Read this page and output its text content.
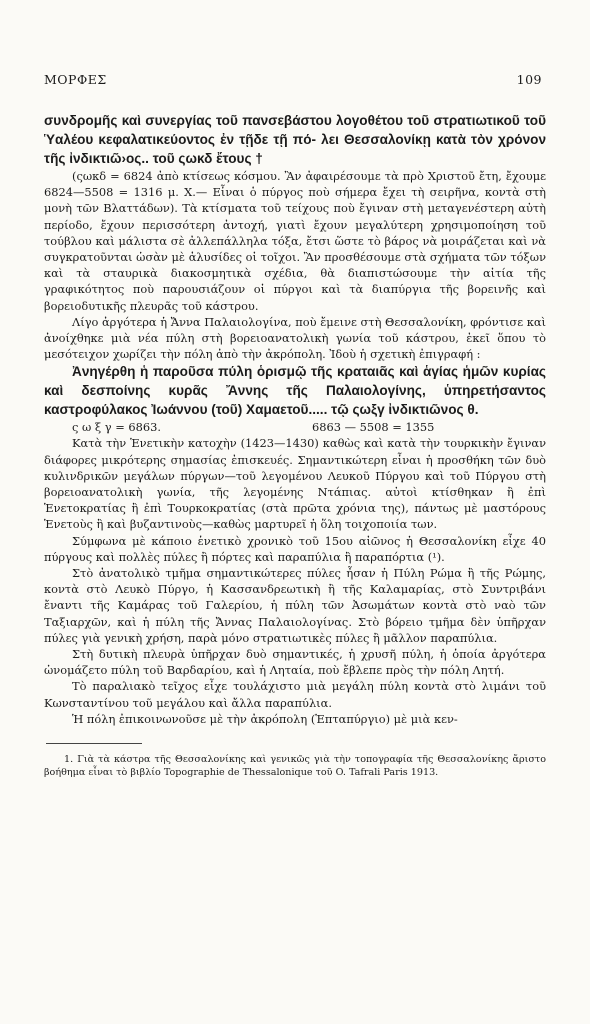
ΜΟΡΦΕΣ	109

συνδρομῆς καὶ συνεργίας τοῦ πανσεβάστου λογοθέτου τοῦ στρατιωτικοῦ τοῦ Ὑαλέου κεφαλατικεύοντος ἐν τῇδε τῇ πό- λει Θεσσαλονίκῃ κατὰ τὸν χρόνον τῆς ἰνδικτιῶ›ος.. τοῦ ςωκδ ἔτους †

(ςωκδ = 6824 ἀπὸ κτίσεως κόσμου. Ἂν ἀφαιρέσουμε τὰ πρὸ Χριστοῦ ἔτη, ἔχουμε 6824—5508 = 1316 μ. Χ.— Εἶναι ὁ πύργος ποὺ σήμερα ἔχει τὴ σειρῆνα, κοντὰ στὴ μονὴ τῶν Βλαττάδων). Τὰ κτίσματα τοῦ τείχους ποὺ ἔγιναν στὴ μεταγενέστερη αὐτὴ περίοδο, ἔχουν περισσότερη ἀντοχή, γιατὶ ἔχουν μεγαλύτερη χρησιμοποίηση τοῦ τούβλου καὶ μάλιστα σὲ ἀλλεπάλληλα τόξα, ἔτσι ὥστε τὸ βάρος νὰ μοιράζεται καὶ νὰ συγκρατοῦνται ὡσὰν μὲ ἁλυσίδες οἱ τοῖχοι. Ἂν προσθέσουμε στὰ σχήματα τῶν τόξων καὶ τὰ σταυρικὰ διακοσμητικὰ σχέδια, θὰ διαπιστώσουμε τὴν αἰτία τῆς γραφικότητος ποὺ παρουσιάζουν οἱ πύργοι καὶ τὰ διαπύργια τῆς βορεινῆς καὶ βορειοδυτικῆς πλευρᾶς τοῦ κάστρου.

Λίγο ἀργότερα ἡ Ἄννα Παλαιολογίνα, ποὺ ἔμεινε στὴ Θεσσαλονίκη, φρόντισε καὶ ἀνοίχθηκε μιὰ νέα πύλη στὴ βορειοανατολικὴ γωνία τοῦ κάστρου, ἐκεῖ ὅπου τὸ μεσότειχον χωρίζει τὴν πόλη ἀπὸ τὴν ἀκρόπολη. Ἰδοὺ ἡ σχετικὴ ἐπιγραφή :

Ἀνηγέρθη ἡ παροῦσα πύλη ὁρισμῷ τῆς κραταιᾶς καὶ ἁγίας ἡμῶν κυρίας καὶ δεσποίνης κυρᾶς Ἄννης τῆς Παλαιολογίνης, ὑπηρετήσαντος καστροφύλακος Ἰωάννου (τοῦ) Χαμαετοῦ..... τῷ ςωξγ ἰνδικτιῶνος θ.

ς ω ξ γ = 6863.	6863 — 5508 = 1355

Κατὰ τὴν Ἑνετικὴν κατοχὴν (1423—1430) καθὼς καὶ κατὰ τὴν τουρκικὴν ἔγιναν διάφορες μικρότερης σημασίας ἐπισκευές. Σημαντικώτερη εἶναι ἡ προσθήκη τῶν δυὸ κυλινδρικῶν μεγάλων πύργων—τοῦ λεγομένου Λευκοῦ Πύργου καὶ τοῦ Πύργου στὴ βορειοανατολικὴ γωνία, τῆς λεγομένης Ντάπιας. αὐτοὶ κτίσθηκαν ἢ ἐπὶ Ἑνετοκρατίας ἢ ἐπὶ Τουρκοκρατίας (στὰ πρῶτα χρόνια της), πάντως μὲ μαστόρους Ἑνετοὺς ἢ καὶ βυζαντινοὺς—καθὼς μαρτυρεῖ ἡ ὅλη τοιχοποιία των.

Σύμφωνα μὲ κάποιο ἑνετικὸ χρονικὸ τοῦ 15ου αἰῶνος ἡ Θεσσαλονίκη εἶχε 40 πύργους καὶ πολλὲς πύλες ἢ πόρτες καὶ παραπύλια ἢ παραπόρτια (¹).

Στὸ ἀνατολικὸ τμῆμα σημαντικώτερες πύλες ἦσαν ἡ Πύλη Ρώμα ἢ τῆς Ρώμης, κοντὰ στὸ Λευκὸ Πύργο, ἡ Κασσανδρεωτικὴ ἢ τῆς Καλαμαρίας, στὸ Συντριβάνι ἔναντι τῆς Καμάρας τοῦ Γαλερίου, ἡ πύλη τῶν Ἀσωμάτων κοντὰ στὸ ναὸ τῶν Ταξιαρχῶν, καὶ ἡ πύλη τῆς Ἄννας Παλαιολογίνας. Στὸ βόρειο τμῆμα δὲν ὑπῆρχαν πύλες γιὰ γενικὴ χρήση, παρὰ μόνο στρατιωτικὲς πύλες ἢ μᾶλλον παραπύλια.

Στὴ δυτικὴ πλευρὰ ὑπῆρχαν δυὸ σημαντικές, ἡ χρυσῆ πύλη, ἡ ὁποία ἀργότερα ὠνομάζετο πύλη τοῦ Βαρδαρίου, καὶ ἡ Ληταία, ποὺ ἔβλεπε πρὸς τὴν πόλη Λητή.

Τὸ παραλιακὸ τεῖχος εἶχε τουλάχιστο μιὰ μεγάλη πύλη κοντὰ στὸ λιμάνι τοῦ Κωνσταντίνου τοῦ μεγάλου καὶ ἄλλα παραπύλια.

Ἡ πόλη ἐπικοινωνοῦσε μὲ τὴν ἀκρόπολη (Ἑπταπύργιο) μὲ μιὰ κεν-

1. Γιὰ τὰ κάστρα τῆς Θεσσαλονίκης καὶ γενικῶς γιὰ τὴν τοπογραφία τῆς Θεσσαλονίκης ἄριστο βοήθημα εἶναι τὸ βιβλίο Topographie de Thessalonique τοῦ O. Tafrali Paris 1913.
